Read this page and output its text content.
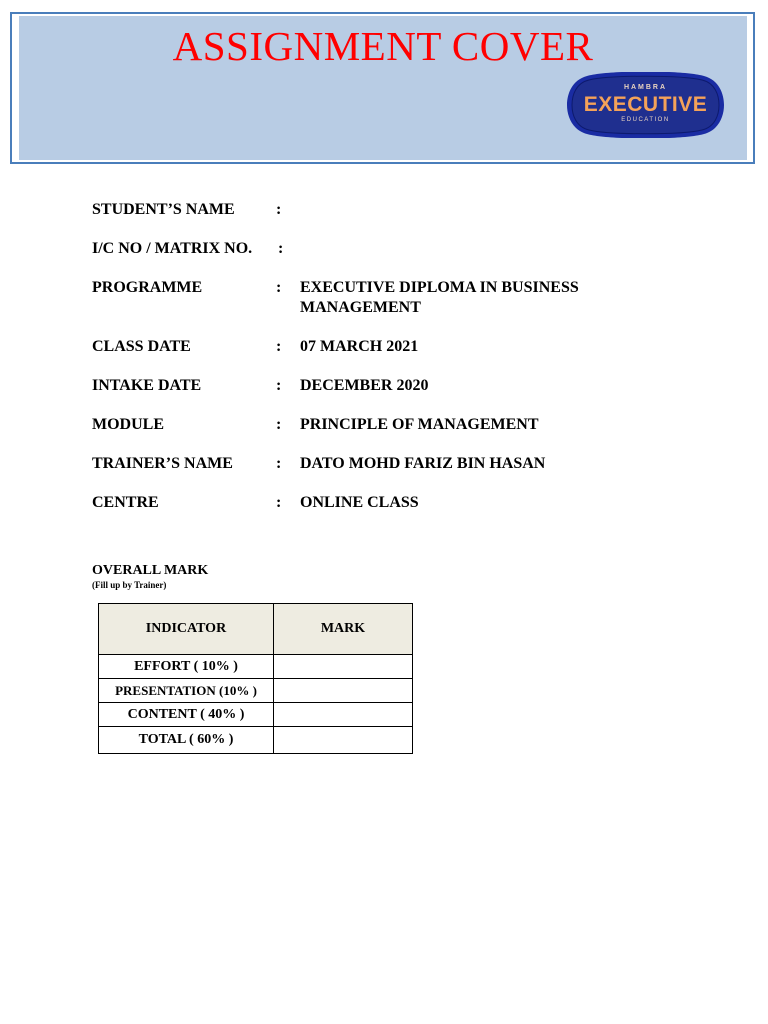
ASSIGNMENT COVER
HAMBRA
EXECUTIVE
EDUCATION
STUDENT’S NAME	:
I/C NO / MATRIX NO. :
PROGRAMME	: EXECUTIVE DIPLOMA IN BUSINESS MANAGEMENT
CLASS DATE	: 07 MARCH 2021
INTAKE DATE	: DECEMBER 2020
MODULE	: PRINCIPLE OF MANAGEMENT
TRAINER’S NAME	: DATO MOHD FARIZ BIN HASAN
CENTRE	: ONLINE CLASS
OVERALL MARK
(Fill up by Trainer)
INDICATOR	MARK
EFFORT ( 10% )	
PRESENTATION (10% )	
CONTENT ( 40% )	
TOTAL ( 60% )	
